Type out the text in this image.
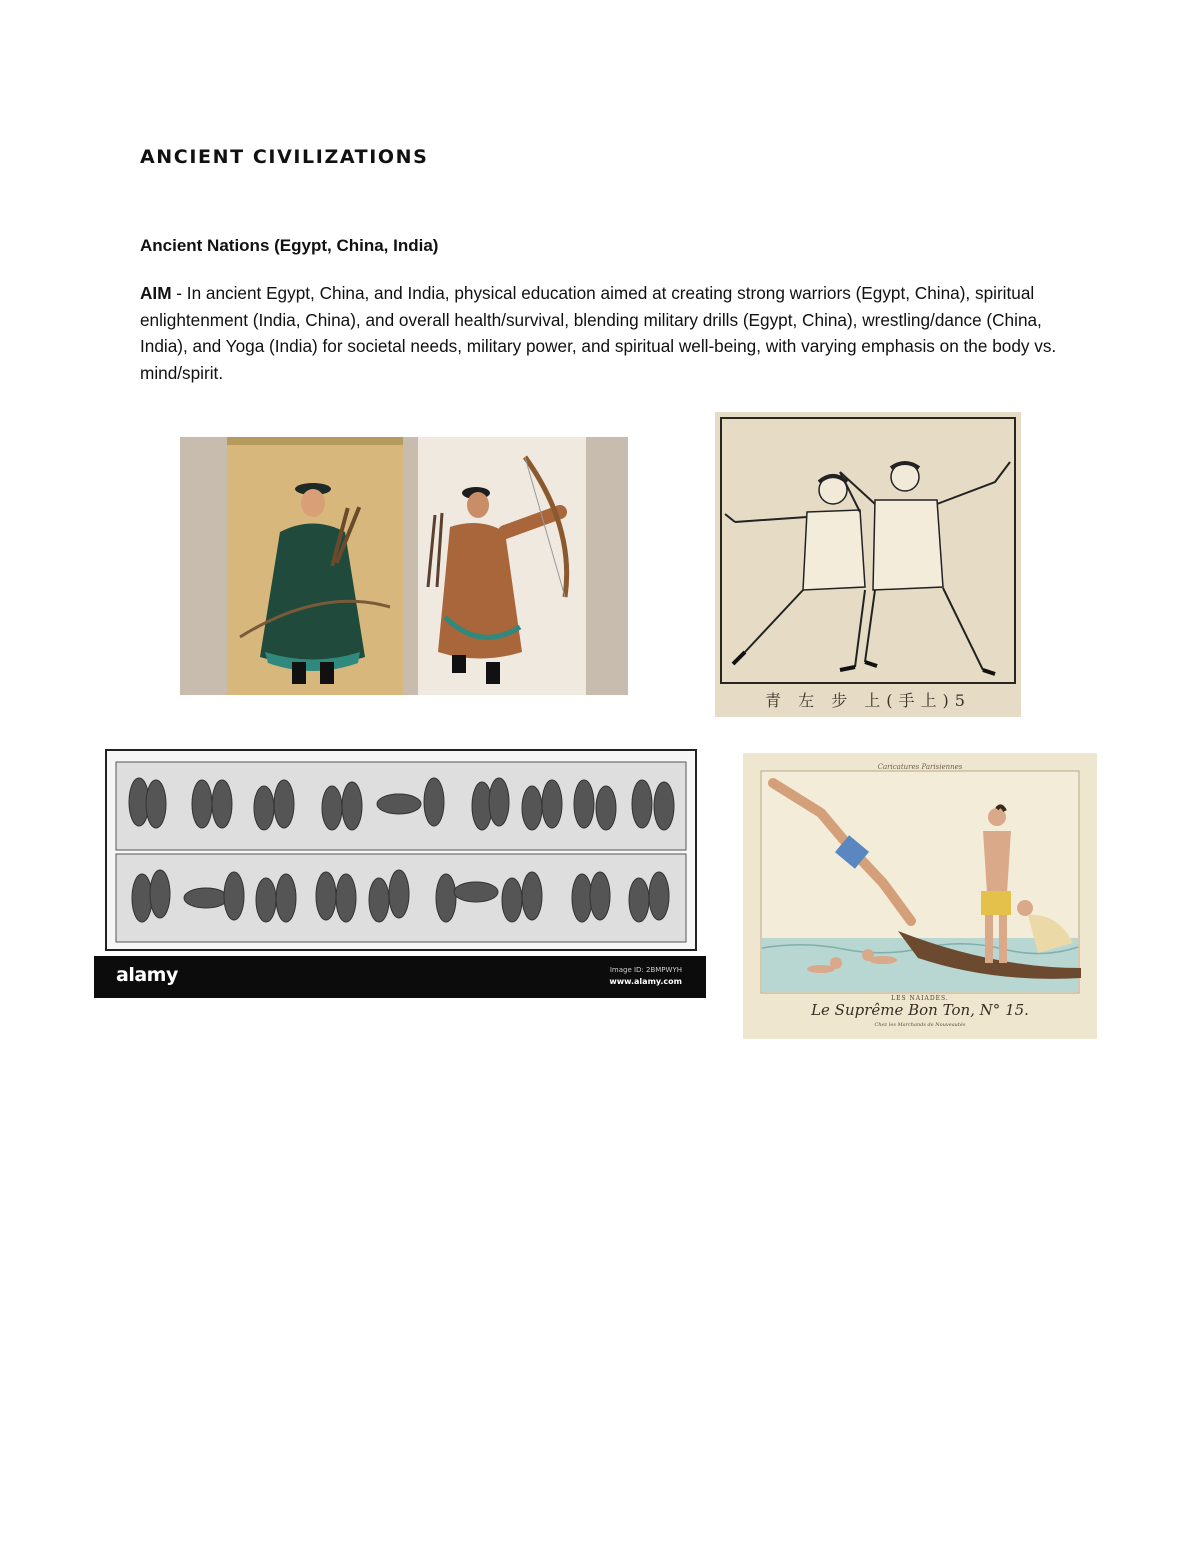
ANCIENT CIVILIZATIONS
Ancient Nations (Egypt, China, India)
AIM - In ancient Egypt, China, and India, physical education aimed at creating strong warriors (Egypt, China), spiritual enlightenment (India, China), and overall health/survival, blending military drills (Egypt, China), wrestling/dance (China, India), and Yoga (India) for societal needs, military power, and spiritual well-being, with varying emphasis on the body vs. mind/spirit.
青 左 步 上(手上)5
alamy	Image ID: 2BMPWYH
www.alamy.com
Caricatures Parisiennes
LES NAIADES.
Le Suprême Bon Ton, N° 15.
Chez les Marchands de Nouveautés
